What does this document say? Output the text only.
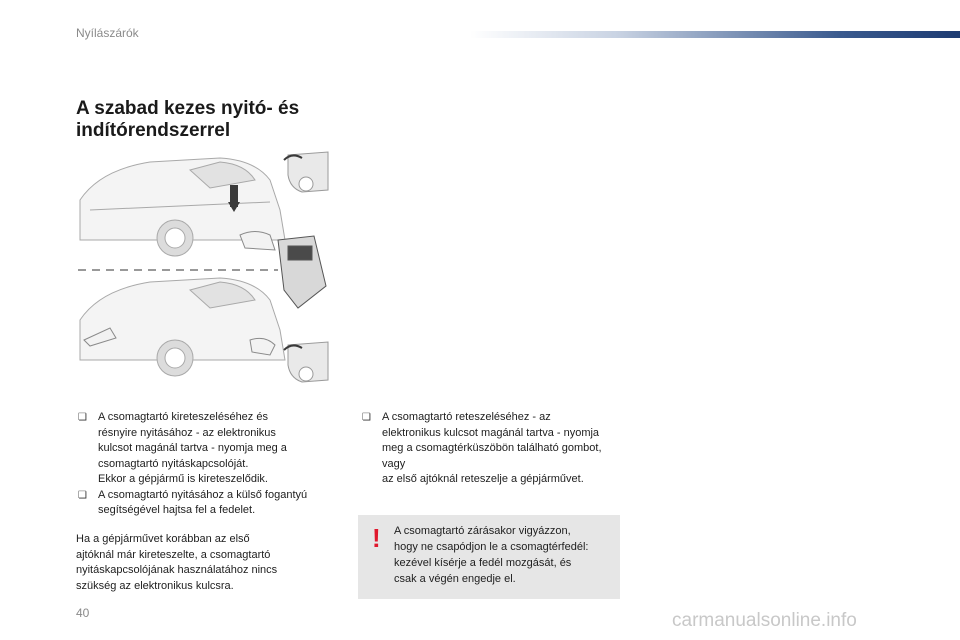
Nyílászárók
A szabad kezes nyitó- és
indítórendszerrel
❏ A csomagtartó kireteszeléséhez és
résnyire nyitásához - az elektronikus
kulcsot magánál tartva - nyomja meg a
csomagtartó nyitáskapcsolóját.
Ekkor a gépjármű is kireteszelődik.
❏ A csomagtartó nyitásához a külső fogantyú
segítségével hajtsa fel a fedelet.
Ha a gépjárművet korábban az első
ajtóknál már kireteszelte, a csomagtartó
nyitáskapcsolójának használatához nincs
szükség az elektronikus kulcsra.
❏ A csomagtartó reteszeléséhez - az
elektronikus kulcsot magánál tartva - nyomja
meg a csomagtérküszöbön található gombot,
vagy
az első ajtóknál reteszelje a gépjárművet.
! A csomagtartó zárásakor vigyázzon,
hogy ne csapódjon le a csomagtérfedél:
kezével kísérje a fedél mozgását, és
csak a végén engedje el.
40	carmanualsonline.info
